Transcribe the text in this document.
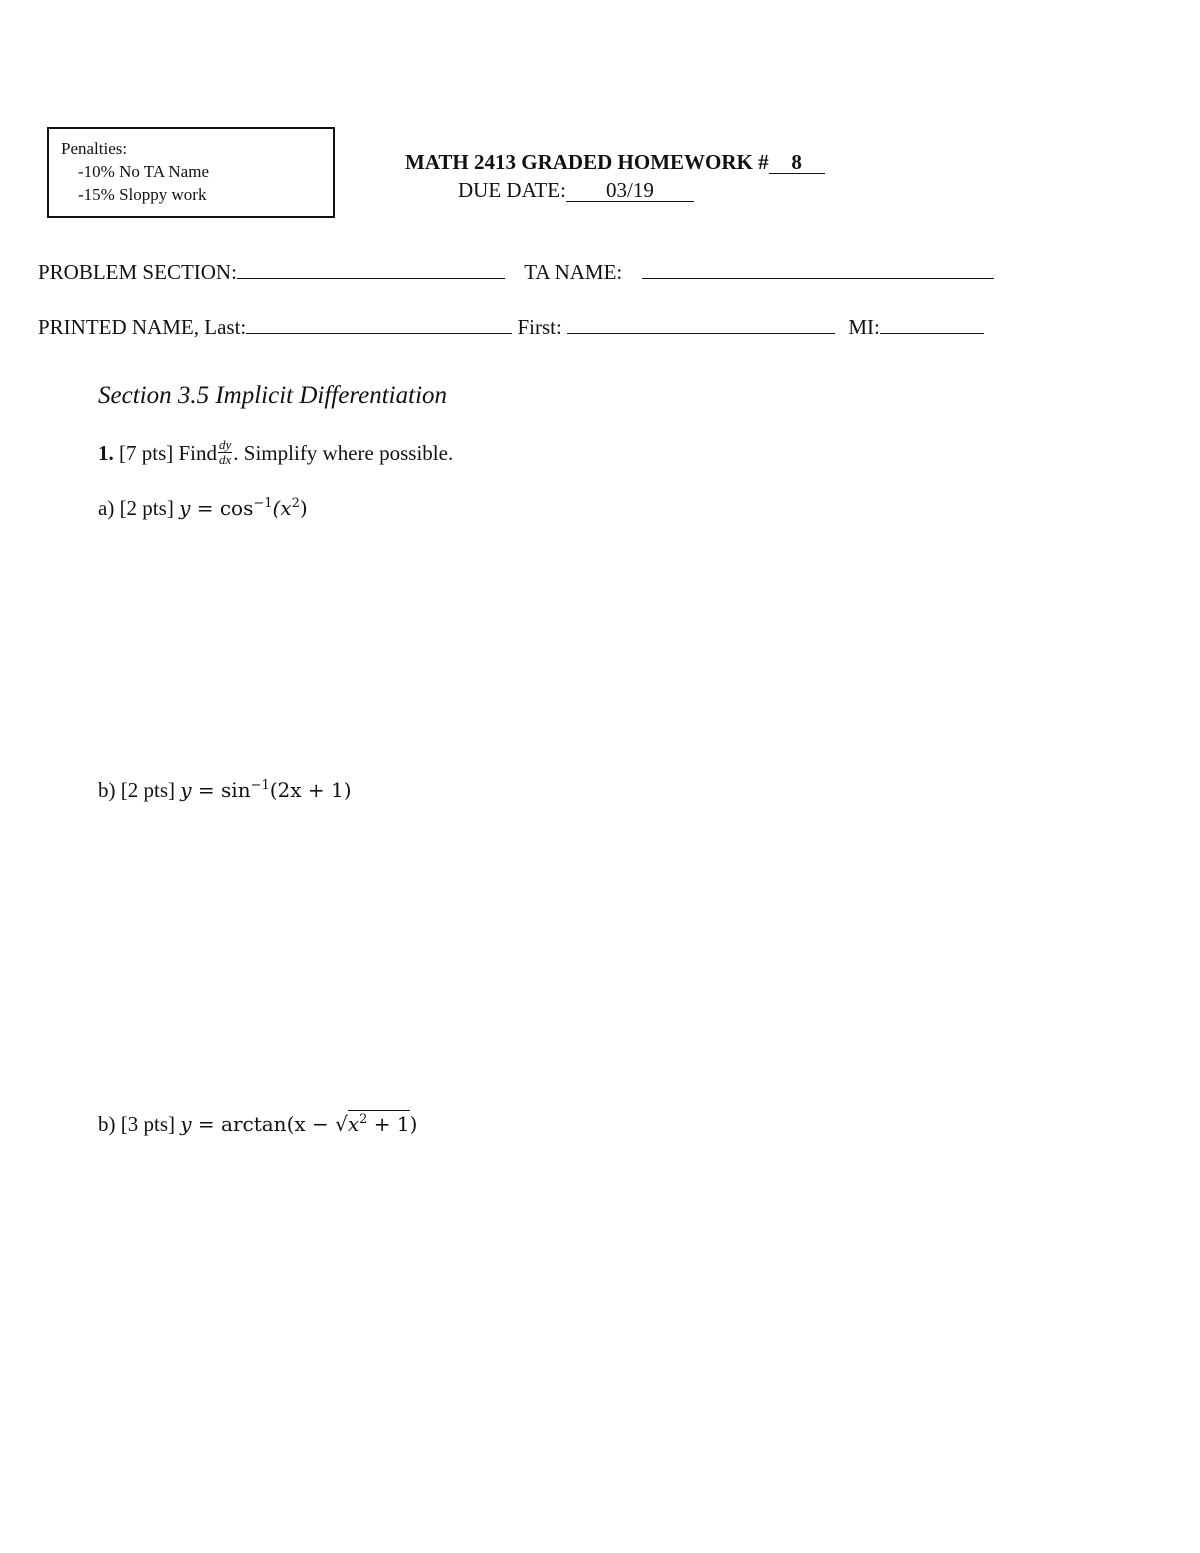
Penalties:
-10% No TA Name
-15% Sloppy work
MATH 2413 GRADED HOMEWORK # 8
DUE DATE: 03/19
PROBLEM SECTION:	TA NAME:
PRINTED NAME, Last:	First:	MI:
Section 3.5 Implicit Differentiation
1. [7 pts] Find $\frac{dy}{dx}$ . Simplify where possible.
a) [2 pts] $y = \cos^{-1}(x^2)$
b) [2 pts] $y = \sin^{-1}(2x + 1)$
b) [3 pts] $y = \arctan(x - √x^2 + 1)$
